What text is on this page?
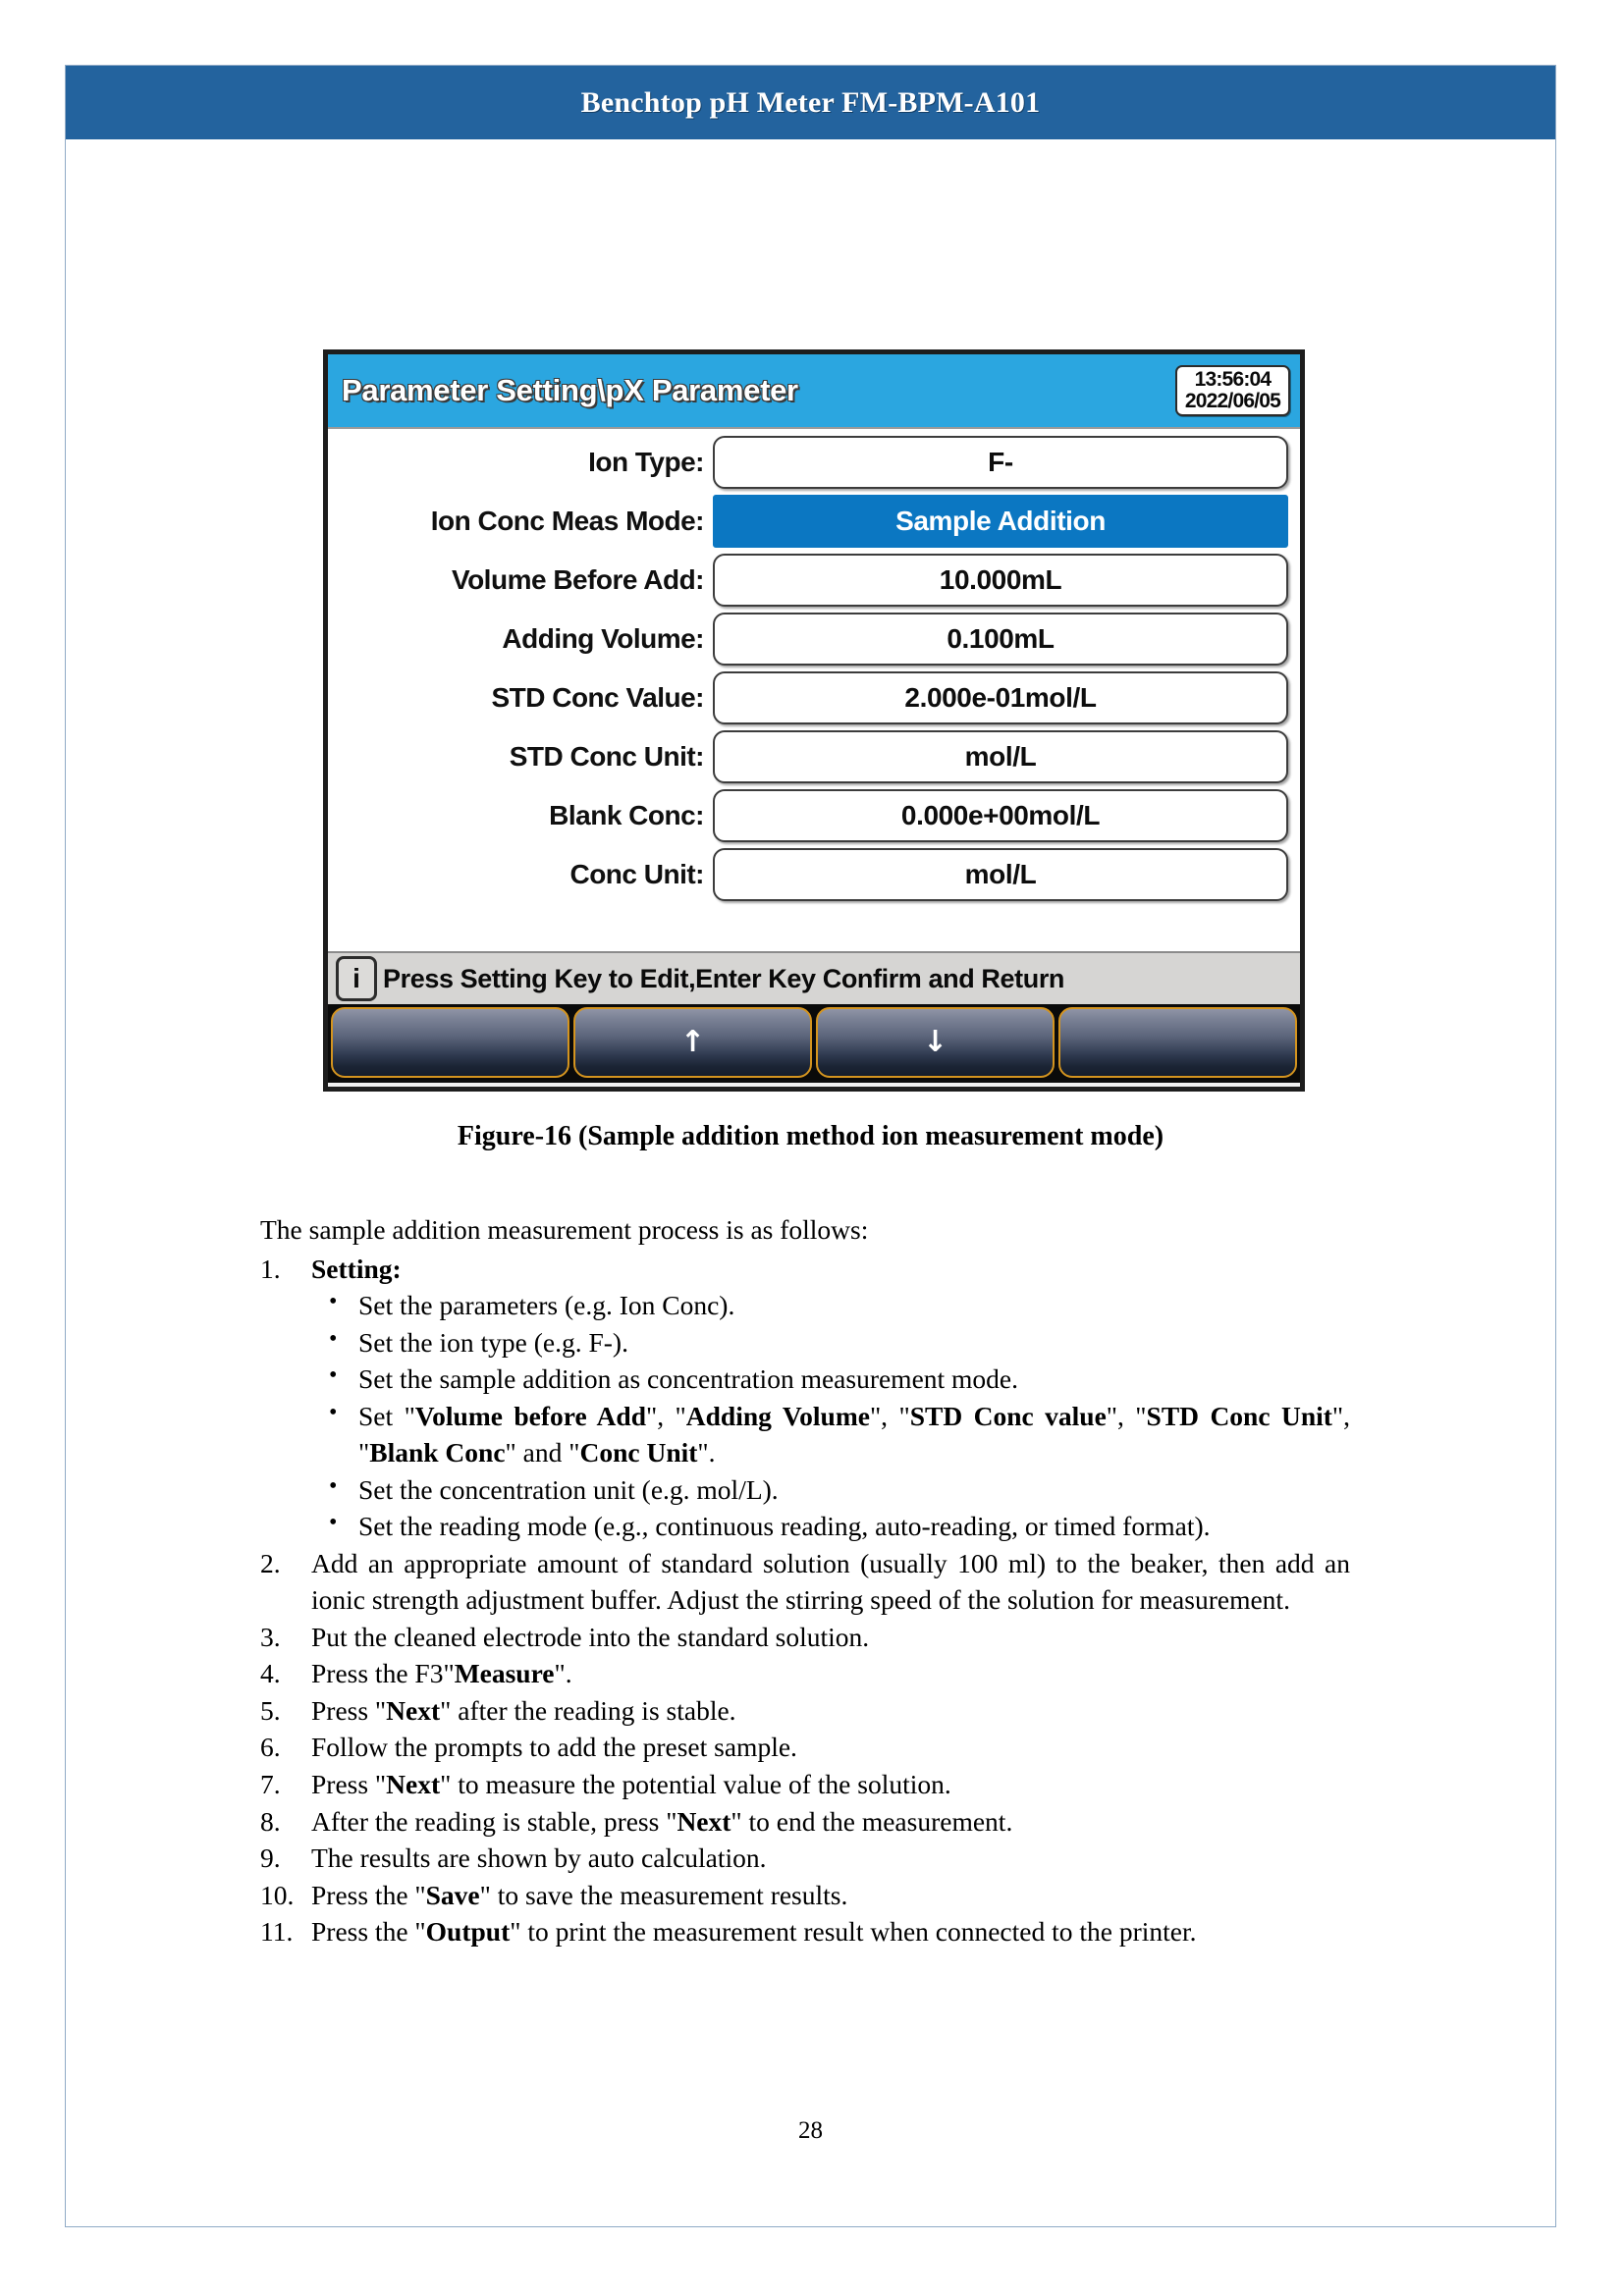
Benchtop pH Meter FM-BPM-A101
Parameter Setting\pX Parameter	13:56:04
2022/06/05
Ion Type:	F-
Ion Conc Meas Mode:	Sample Addition
Volume Before Add:	10.000mL
Adding Volume:	0.100mL
STD Conc Value:	2.000e-01mol/L
STD Conc Unit:	mol/L
Blank Conc:	0.000e+00mol/L
Conc Unit:	mol/L
i Press Setting Key to Edit,Enter Key Confirm and Return
↑	↓
Figure-16 (Sample addition method ion measurement mode)

The sample addition measurement process is as follows:

Setting:
• Set the parameters (e.g. Ion Conc).
• Set the ion type (e.g. F-).
• Set the sample addition as concentration measurement mode.
• Set "Volume before Add", "Adding Volume", "STD Conc value", "STD Conc Unit", "Blank Conc" and "Conc Unit".
• Set the concentration unit (e.g. mol/L).
• Set the reading mode (e.g., continuous reading, auto-reading, or timed format).
Add an appropriate amount of standard solution (usually 100 ml) to the beaker, then add an ionic strength adjustment buffer. Adjust the stirring speed of the solution for measurement.
Put the cleaned electrode into the standard solution.
Press the F3"Measure".
Press "Next" after the reading is stable.
Follow the prompts to add the preset sample.
Press "Next" to measure the potential value of the solution.
After the reading is stable, press "Next" to end the measurement.
The results are shown by auto calculation.
Press the "Save" to save the measurement results.
Press the "Output" to print the measurement result when connected to the printer.
28
